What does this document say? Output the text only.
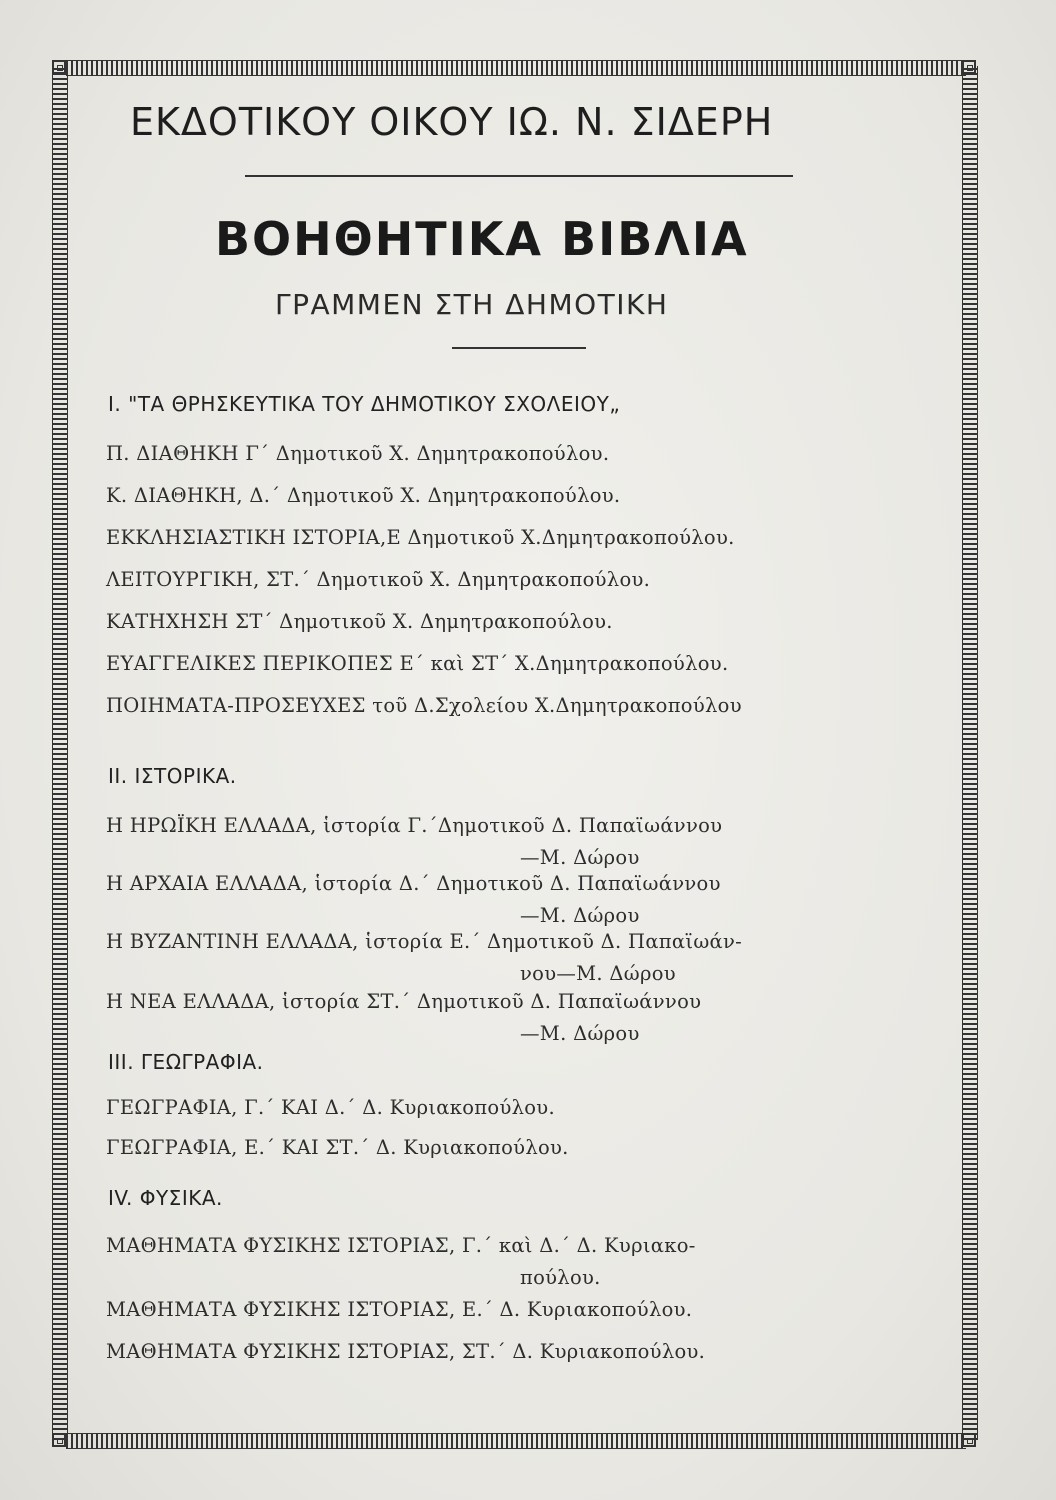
ΕΚΔΟΤΙΚΟΥ ΟΙΚΟΥ ΙΩ. Ν. ΣΙΔΕΡΗ
ΒΟΗΘΗΤΙΚΑ ΒΙΒΛΙΑ
ΓΡΑΜΜΕΝ ΣΤΗ ΔΗΜΟΤΙΚΗ
I. "ΤΑ ΘΡΗΣΚΕΥΤΙΚΑ ΤΟΥ ΔΗΜΟΤΙΚΟΥ ΣΧΟΛΕΙΟΥ„
Π. ΔΙΑΘΗΚΗ Γ΄ Δημοτικοῦ Χ. Δημητρακοπούλου.
Κ. ΔΙΑΘΗΚΗ, Δ.΄ Δημοτικοῦ Χ. Δημητρακοπούλου.
ΕΚΚΛΗΣΙΑΣΤΙΚΗ ΙΣΤΟΡΙΑ,Ε Δημοτικοῦ Χ.Δημητρακοπούλου.
ΛΕΙΤΟΥΡΓΙΚΗ, ΣΤ.΄ Δημοτικοῦ Χ. Δημητρακοπούλου.
ΚΑΤΗΧΗΣΗ ΣΤ΄ Δημοτικοῦ Χ. Δημητρακοπούλου.
ΕΥΑΓΓΕΛΙΚΕΣ ΠΕΡΙΚΟΠΕΣ Ε΄ καὶ ΣΤ΄ Χ.Δημητρακοπούλου.
ΠΟΙΗΜΑΤΑ-ΠΡΟΣΕΥΧΕΣ τοῦ Δ.Σχολείου Χ.Δημητρακοπούλου
II. ΙΣΤΟΡΙΚΑ.
Η ΗΡΩΪΚΗ ΕΛΛΑΔΑ, ἱστορία Γ.΄Δημοτικοῦ Δ. Παπαϊωάννου
—Μ. Δώρου
Η ΑΡΧΑΙΑ ΕΛΛΑΔΑ, ἱστορία Δ.΄ Δημοτικοῦ Δ. Παπαϊωάννου
—Μ. Δώρου
Η ΒΥΖΑΝΤΙΝΗ ΕΛΛΑΔΑ, ἱστορία Ε.΄ Δημοτικοῦ Δ. Παπαϊωάν-
νου—Μ. Δώρου
Η ΝΕΑ ΕΛΛΑΔΑ, ἱστορία ΣΤ.΄ Δημοτικοῦ Δ. Παπαϊωάννου
—Μ. Δώρου
III. ΓΕΩΓΡΑΦΙΑ.
ΓΕΩΓΡΑΦΙΑ, Γ.΄ ΚΑΙ Δ.΄ Δ. Κυριακοπούλου.
ΓΕΩΓΡΑΦΙΑ, Ε.΄ ΚΑΙ ΣΤ.΄ Δ. Κυριακοπούλου.
IV. ΦΥΣΙΚΑ.
ΜΑΘΗΜΑΤΑ ΦΥΣΙΚΗΣ ΙΣΤΟΡΙΑΣ, Γ.΄ καὶ Δ.΄ Δ. Κυριακο-
πούλου.
ΜΑΘΗΜΑΤΑ ΦΥΣΙΚΗΣ ΙΣΤΟΡΙΑΣ, Ε.΄ Δ. Κυριακοπούλου.
ΜΑΘΗΜΑΤΑ ΦΥΣΙΚΗΣ ΙΣΤΟΡΙΑΣ, ΣΤ.΄ Δ. Κυριακοπούλου.
